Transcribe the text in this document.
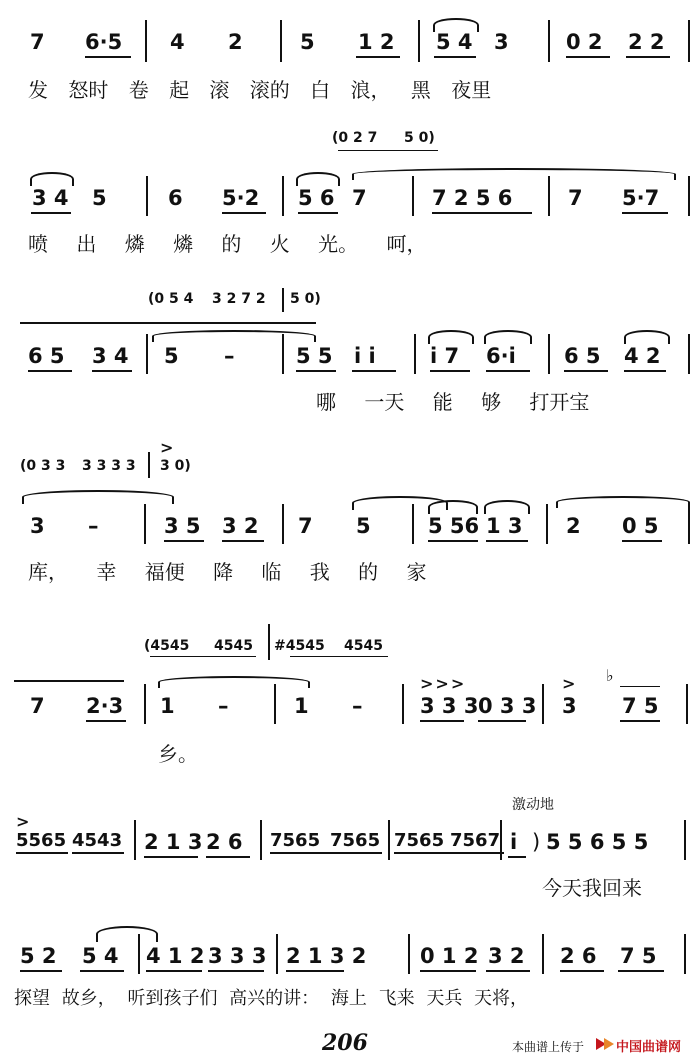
7 6·5 4 2	5 1 2 5 4 3	0 2 2 2
发 怒时 卷 起 滚 滚的 白 浪， 黑 夜里
(0 2 7 5 0)
3 4 5	6 5·2 5 6 7	7 2 5 6	7 5·7
喷 出 燐 燐 的 火 光。 呵，
(0 5 4 3 2 7 2 5 0)
6 5 3 4 5 –	5 5 i i	i 7 6·i 6 5 4 2
哪 一天 能 够 打开宝
(0 3 3 3 3 3 3
>
3 0)
3 –	3 5 3 2 7 5	5 56 1 3 2 0 5
库， 幸 福便 降 临 我 的 家
(4545 4545 #4545 4545
7 2·3 1 –	1 –
>>>
3 3 3 0 3 3
>
3
♭
7 5
乡。
激动地
>
5565 4543 2 1 3 2 6 7565 7565 7565 7567 i ) 5 5 6 5 5
今天我回来
5 2 5 4 4 1 2 3 3 3 2 1 3 2	0 1 2 3 2 2 6 7 5
探望 故乡， 听到孩子们 高兴的讲： 海上 飞来 天兵 天将，
206	本曲谱上传于 中国曲谱网
